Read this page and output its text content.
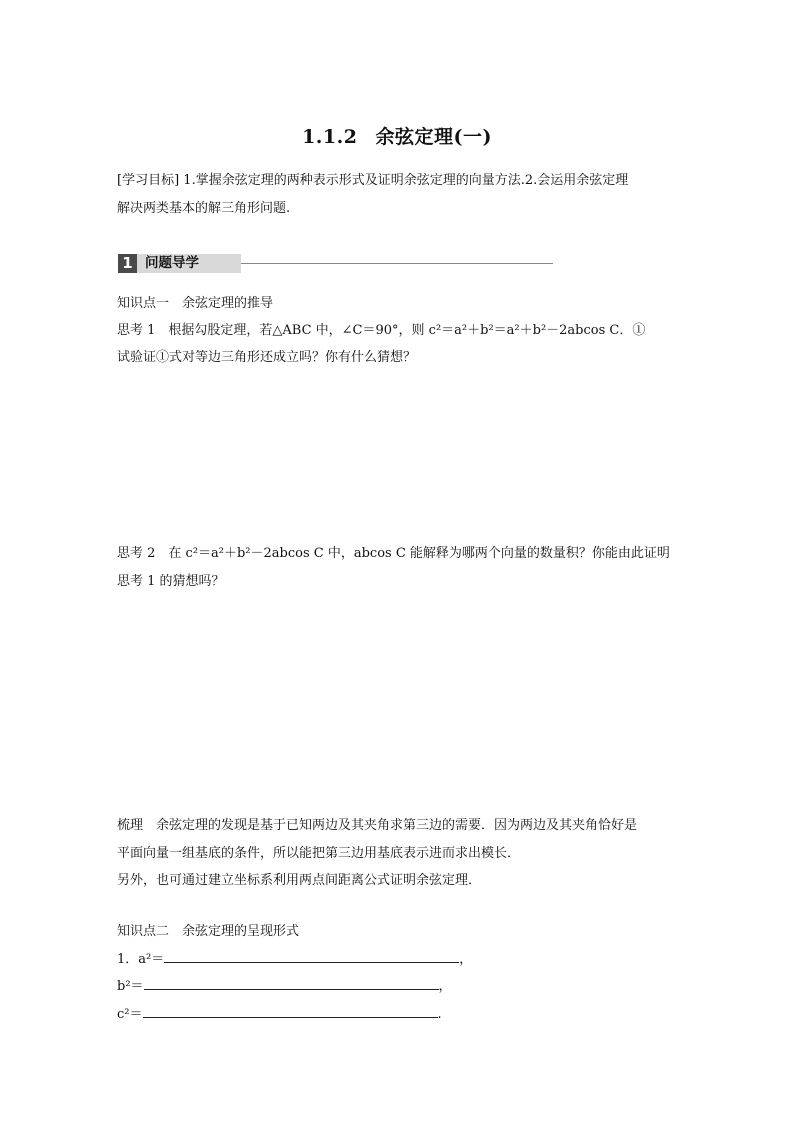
1.1.2 余弦定理(一)
[学习目标] 1.掌握余弦定理的两种表示形式及证明余弦定理的向量方法.2.会运用余弦定理
解决两类基本的解三角形问题.
1 问题导学
知识点一　余弦定理的推导
思考 1　根据勾股定理，若△ABC 中，∠C＝90°，则 c²＝a²＋b²＝a²＋b²－2abcos C．①
试验证①式对等边三角形还成立吗？你有什么猜想？
思考 2　在 c²＝a²＋b²－2abcos C 中，abcos C 能解释为哪两个向量的数量积？你能由此证明
思考 1 的猜想吗？
梳理　余弦定理的发现是基于已知两边及其夹角求第三边的需要．因为两边及其夹角恰好是
平面向量一组基底的条件，所以能把第三边用基底表示进而求出模长．
另外，也可通过建立坐标系利用两点间距离公式证明余弦定理．
知识点二　余弦定理的呈现形式
1．a²＝	，
b²＝	，
c²＝	.
